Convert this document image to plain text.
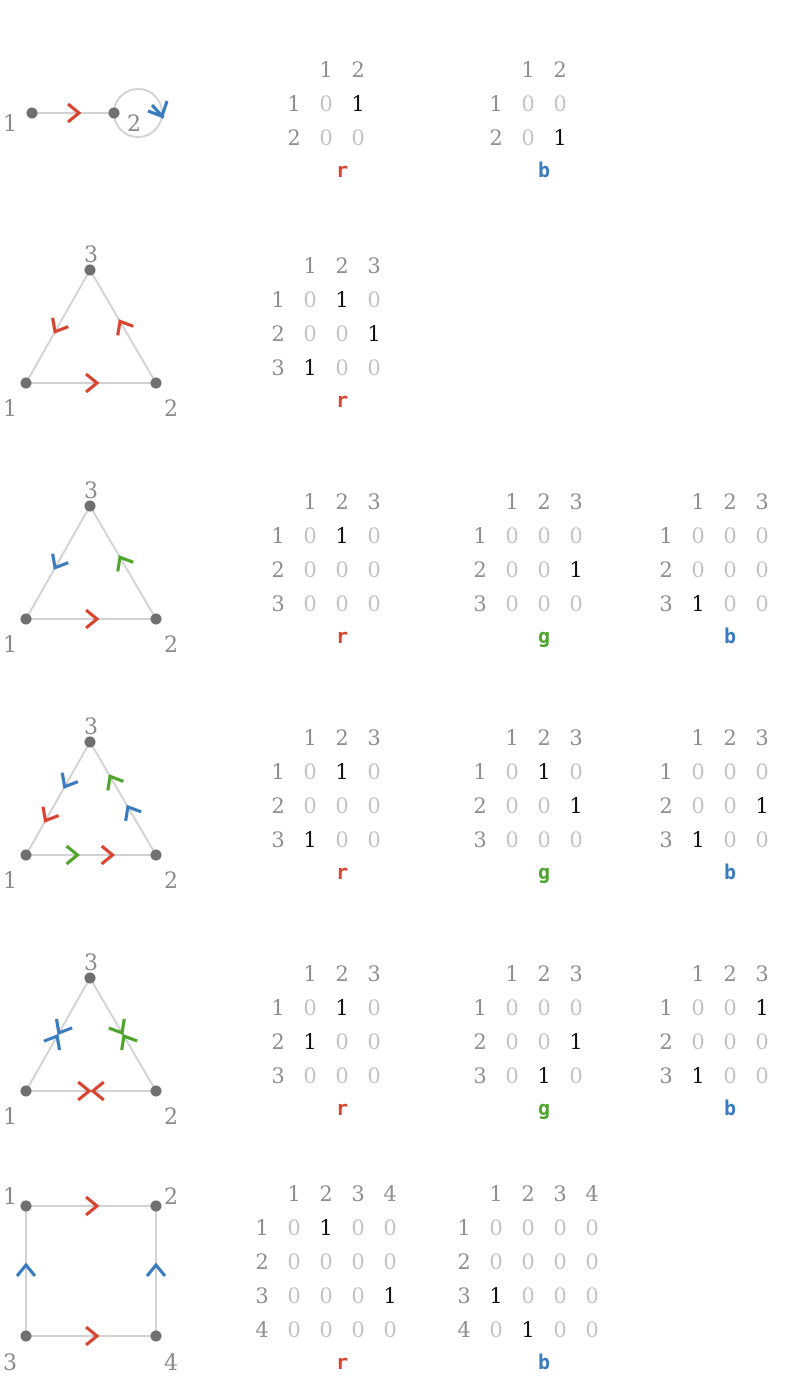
1	2
1 2
1 0 1
2 0 0
r
1 2
1 0 0
2 0 1
b
1	2
3	1 2 3
1 0 1 0
2 0 0 1
3 1 0 0
r
1	2
3	1 2 3
1 0 1 0
2 0 0 0
3 0 0 0
r
1 2 3
1 0 0 0
2 0 0 1
3 0 0 0
g
1 2 3
1 0 0 0
2 0 0 0
3 1 0 0
b
1	2
3	1 2 3
1 0 1 0
2 0 0 0
3 1 0 0
r
1 2 3
1 0 1 0
2 0 0 1
3 0 0 0
g
1 2 3
1 0 0 0
2 0 0 1
3 1 0 0
b
1	2
3	1 2 3
1 0 1 0
2 1 0 0
3 0 0 0
r
1 2 3
1 0 0 0
2 0 0 1
3 0 1 0
g
1 2 3
1 0 0 1
2 0 0 0
3 1 0 0
b
1	2
3	4
1 2 3 4
1 0 1 0 0
2 0 0 0 0
3 0 0 0 1
4 0 0 0 0
r
1 2 3 4
1 0 0 0 0
2 0 0 0 0
3 1 0 0 0
4 0 1 0 0
b
